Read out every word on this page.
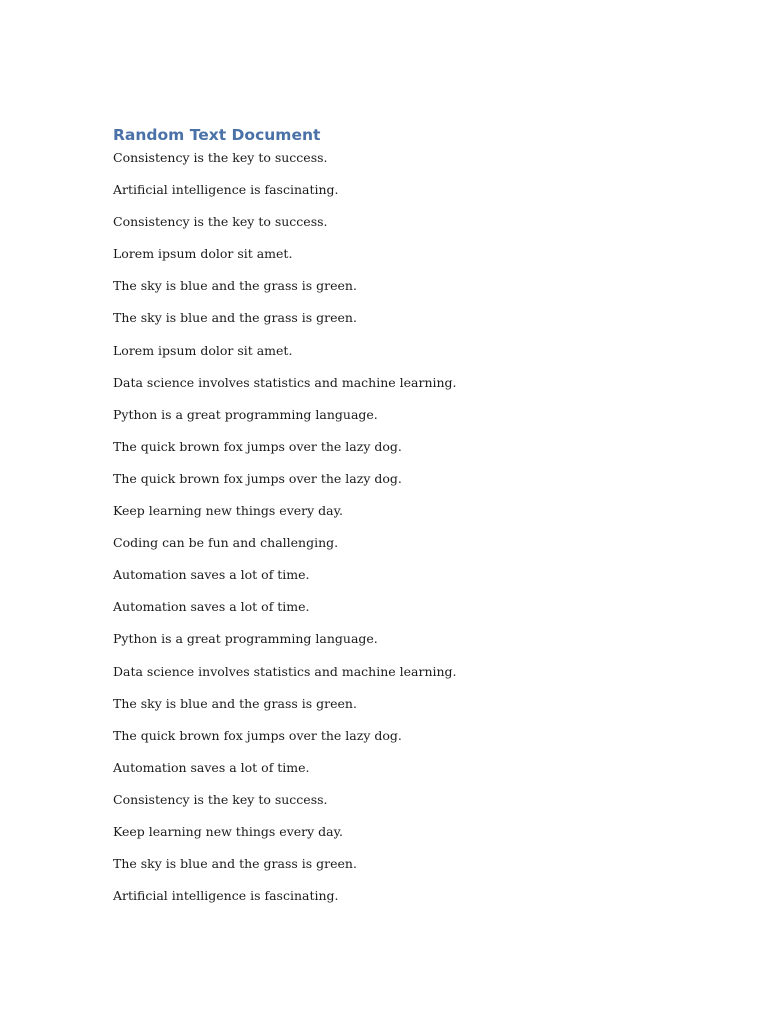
Random Text Document
Consistency is the key to success.
Artificial intelligence is fascinating.
Consistency is the key to success.
Lorem ipsum dolor sit amet.
The sky is blue and the grass is green.
The sky is blue and the grass is green.
Lorem ipsum dolor sit amet.
Data science involves statistics and machine learning.
Python is a great programming language.
The quick brown fox jumps over the lazy dog.
The quick brown fox jumps over the lazy dog.
Keep learning new things every day.
Coding can be fun and challenging.
Automation saves a lot of time.
Automation saves a lot of time.
Python is a great programming language.
Data science involves statistics and machine learning.
The sky is blue and the grass is green.
The quick brown fox jumps over the lazy dog.
Automation saves a lot of time.
Consistency is the key to success.
Keep learning new things every day.
The sky is blue and the grass is green.
Artificial intelligence is fascinating.
